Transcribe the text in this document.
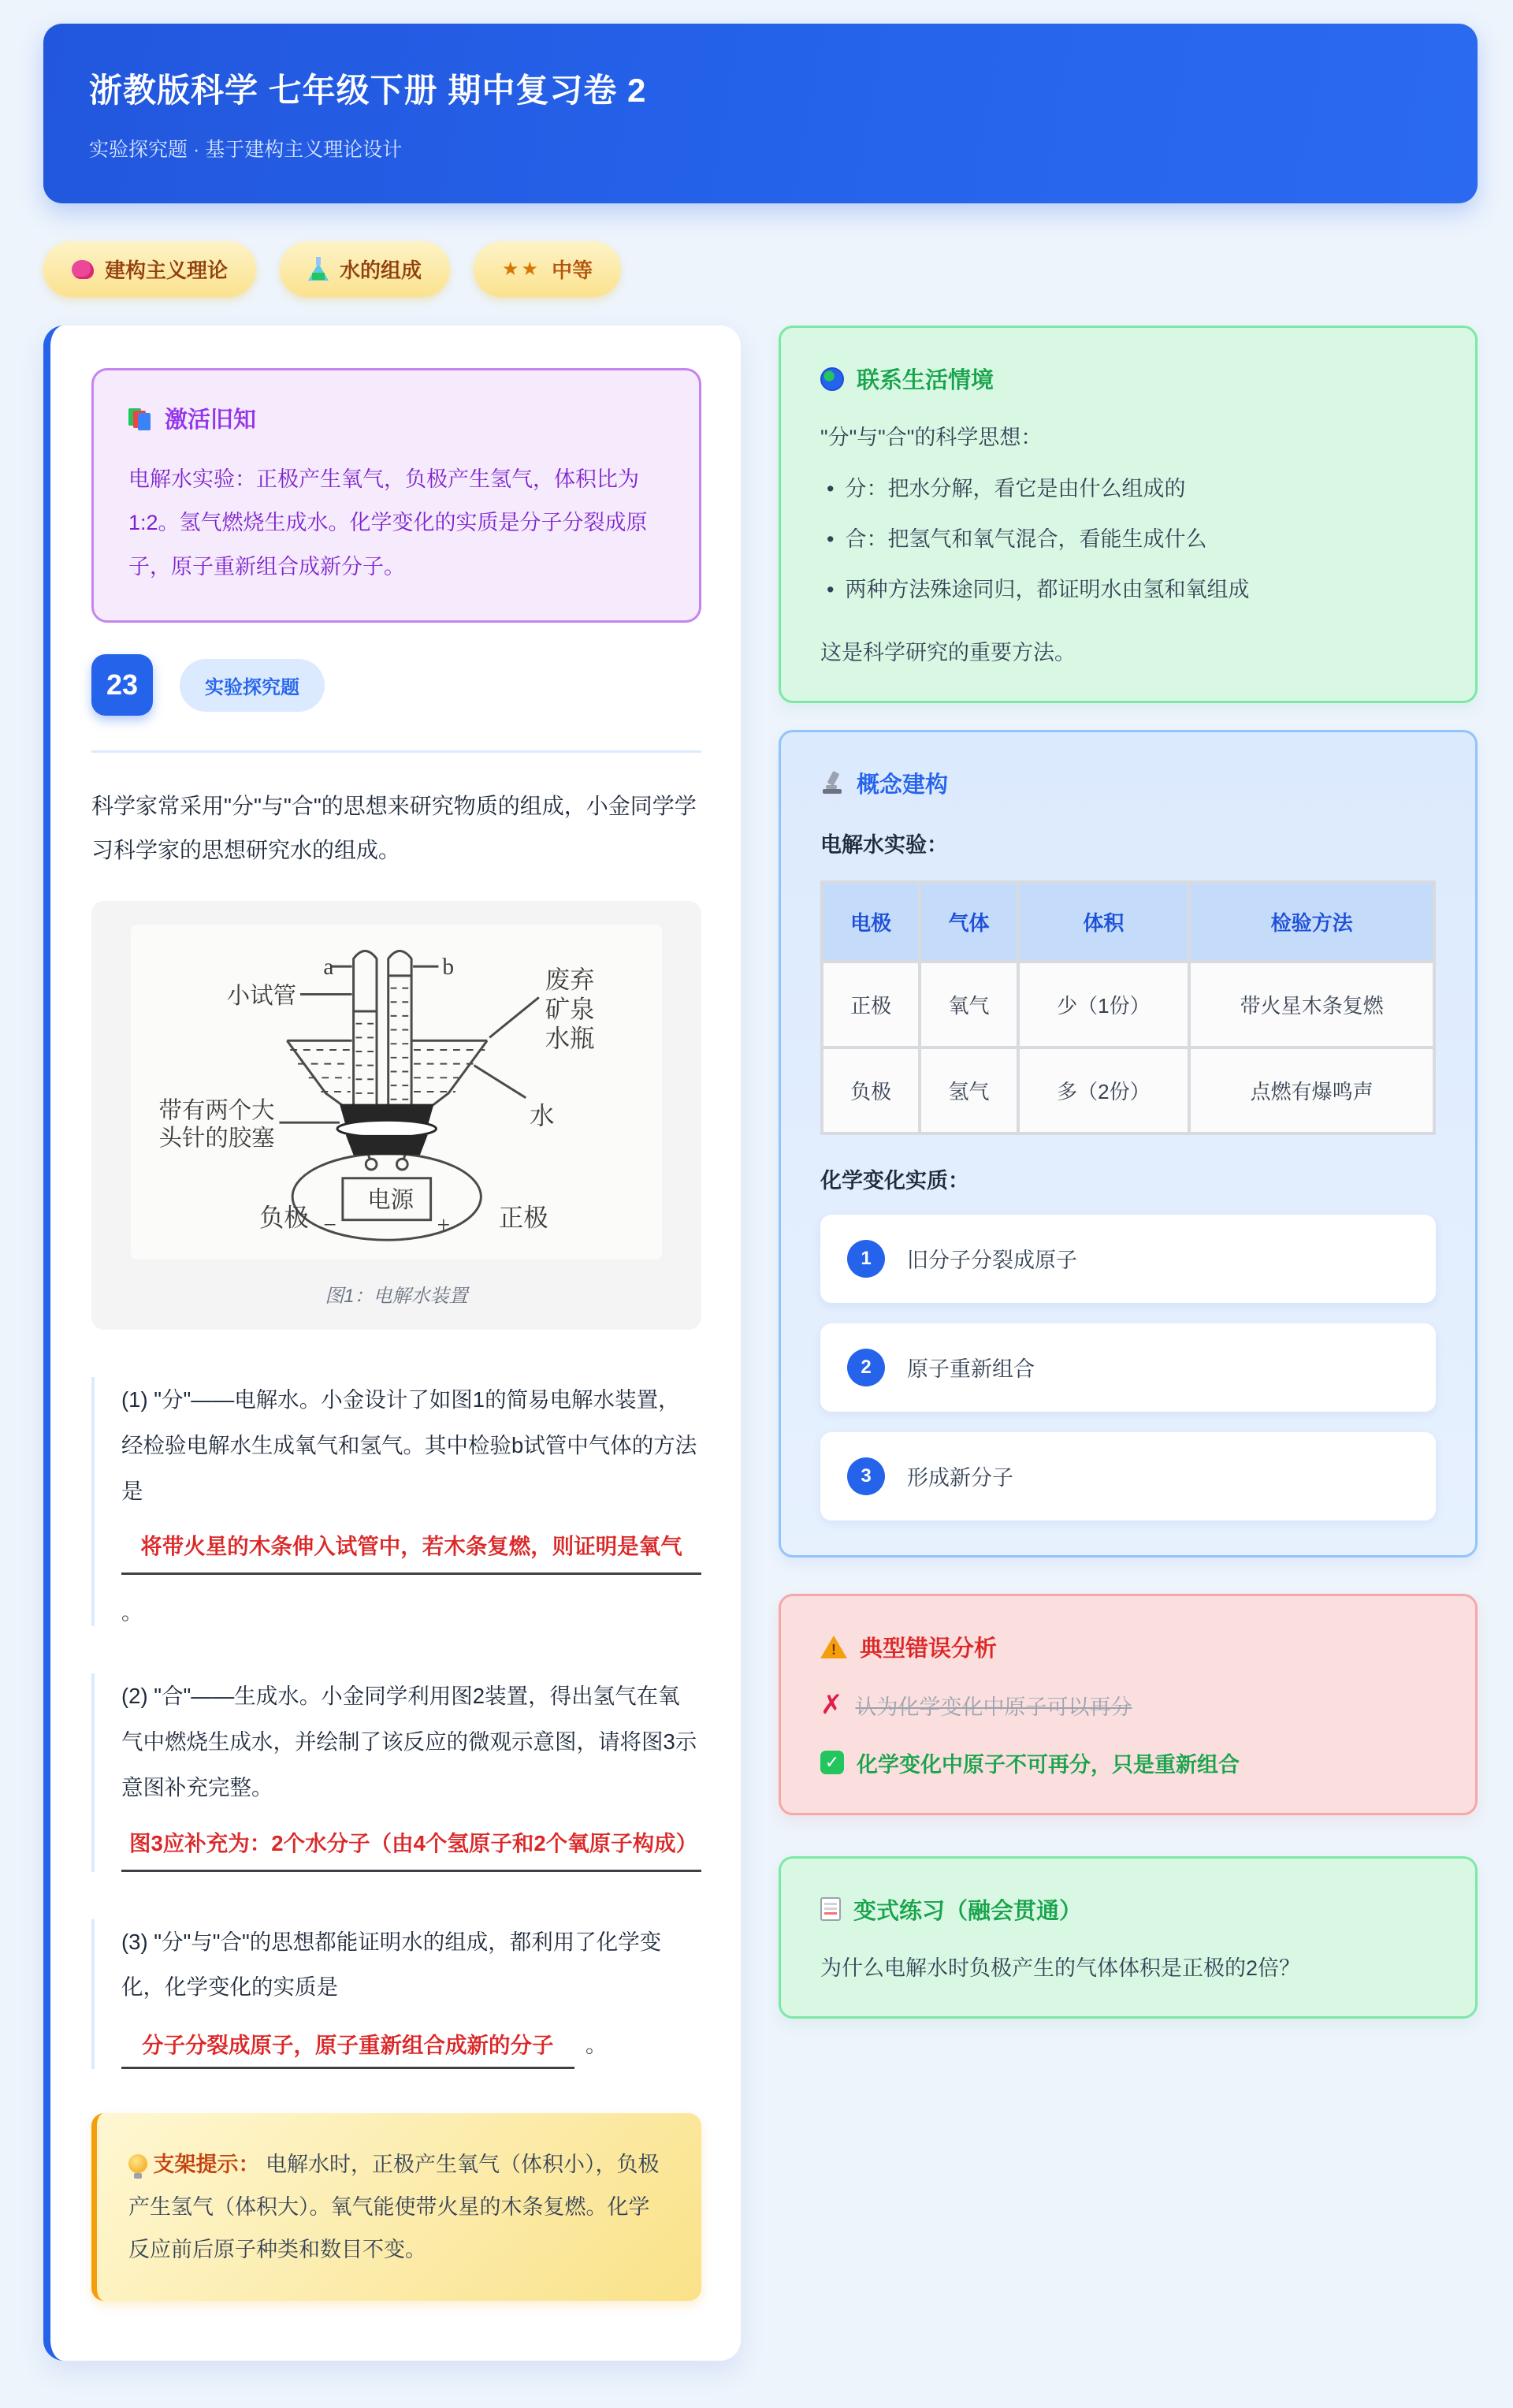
浙教版科学 七年级下册 期中复习卷 2

实验探究题 · 基于建构主义理论设计

建构主义理论	水的组成	★★ 中等
激活旧知

电解水实验：正极产生氧气，负极产生氢气，体积比为1:2。氢气燃烧生成水。化学变化的实质是分子分裂成原子，原子重新组合成新分子。

23	实验探究题

科学家常采用"分"与"合"的思想来研究物质的组成，小金同学学习科学家的思想研究水的组成。

a	b
小试管
废弃
矿泉
水瓶
水
带有两个大
头针的胶塞
电源
−	+
负极	正极
图1：电解水装置

(1) "分"——电解水。小金设计了如图1的简易电解水装置，经检验电解水生成氧气和氢气。其中检验b试管中气体的方法是

将带火星的木条伸入试管中，若木条复燃，则证明是氧气

。

(2) "合"——生成水。小金同学利用图2装置，得出氢气在氧气中燃烧生成水，并绘制了该反应的微观示意图，请将图3示意图补充完整。

图3应补充为：2个水分子（由4个氢原子和2个氧原子构成）

(3) "分"与"合"的思想都能证明水的组成，都利用了化学变化，化学变化的实质是

分子分裂成原子，原子重新组合成新的分子 。
支架提示： 电解水时，正极产生氧气（体积小），负极产生氢气（体积大）。氧气能使带火星的木条复燃。化学反应前后原子种类和数目不变。
联系生活情境

"分"与"合"的科学思想：

• 分：把水分解，看它是由什么组成的
• 合：把氢气和氧气混合，看能生成什么
• 两种方法殊途同归，都证明水由氢和氧组成

这是科学研究的重要方法。

概念建构

电解水实验：

电极	气体	体积	检验方法
正极	氧气	少（1份）	带火星木条复燃
负极	氢气	多（2份）	点燃有爆鸣声

化学变化实质：

1	旧分子分裂成原子
2	原子重新组合
3	形成新分子
! 典型错误分析
✗ 认为化学变化中原子可以再分
✓ 化学变化中原子不可再分，只是重新组合
变式练习（融会贯通）

为什么电解水时负极产生的气体体积是正极的2倍？
